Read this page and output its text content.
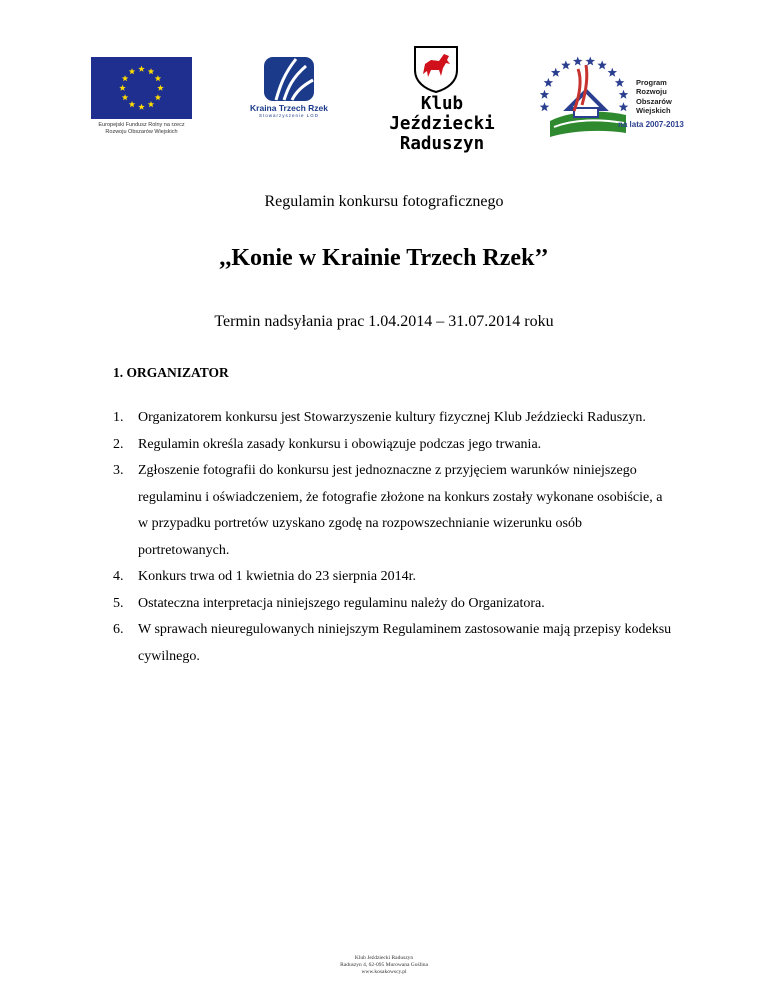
Europejski Fundusz Rolny na rzecz
Rozwoju Obszarów Wiejskich
Kraina Trzech Rzek
Stowarzyszenie LGD
Klub Jeździecki
Raduszyn
Program
Rozwoju
Obszarów
Wiejskich
na lata 2007-2013
Regulamin konkursu fotograficznego
,,Konie w Krainie Trzech Rzek’’
Termin nadsyłania prac 1.04.2014 – 31.07.2014 roku
1. ORGANIZATOR
1. Organizatorem konkursu jest Stowarzyszenie kultury fizycznej Klub Jeździecki Raduszyn.
2. Regulamin określa zasady konkursu i obowiązuje podczas jego trwania.
3. Zgłoszenie fotografii do konkursu jest jednoznaczne z przyjęciem warunków niniejszego regulaminu i oświadczeniem, że fotografie złożone na konkurs zostały wykonane osobiście, a w przypadku portretów uzyskano zgodę na rozpowszechnianie wizerunku osób portretowanych.
4. Konkurs trwa od 1 kwietnia do 23 sierpnia 2014r.
5. Ostateczna interpretacja niniejszego regulaminu należy do Organizatora.
6. W sprawach nieuregulowanych niniejszym Regulaminem zastosowanie mają przepisy kodeksu cywilnego.
Klub Jeździecki Raduszyn
Raduszyn 4, 62-095 Murowana Goślina
www.kosakowscy.pl
